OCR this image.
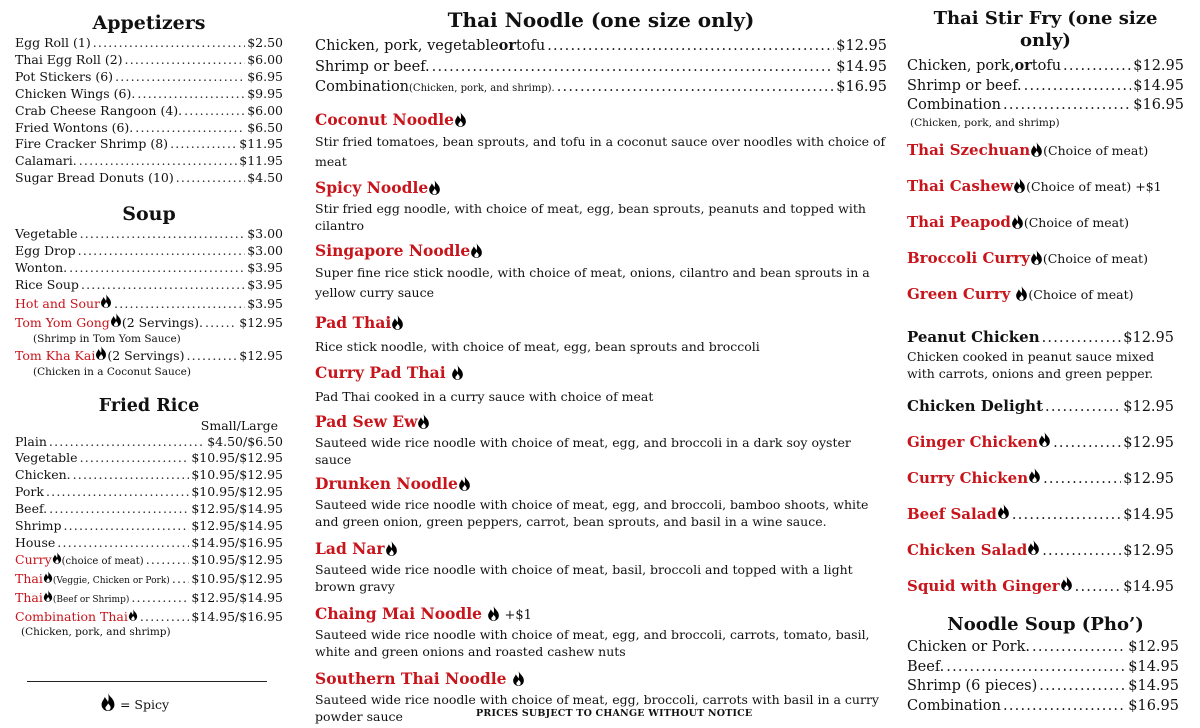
Appetizers
Egg Roll (1) .....	$2.50
Thai Egg Roll (2) .....	$6.00
Pot Stickers (6) .....	$6.95
Chicken Wings (6). .....	$9.95
Crab Cheese Rangoon (4). .....	$6.00
Fried Wontons (6). .....	$6.50
Fire Cracker Shrimp (8) .....	$11.95
Calamari. .....	$11.95
Sugar Bread Donuts (10) .....	$4.50
Soup
Vegetable .....	$3.00
Egg Drop .....	$3.00
Wonton. .....	$3.95
Rice Soup .....	$3.95
Hot and Sour .....	$3.95
Tom Yom Gong (2 Servings). .....	$12.95
(Shrimp in Tom Yom Sauce)
Tom Kha Kai (2 Servings) .....	$12.95
(Chicken in a Coconut Sauce)
Fried Rice
Small/Large
Plain .....	$4.50/$6.50
Vegetable .....	$10.95/$12.95
Chicken. .....	$10.95/$12.95
Pork .....	$10.95/$12.95
Beef. .....	$12.95/$14.95
Shrimp .....	$12.95/$14.95
House .....	$14.95/$16.95
Curry (choice of meat) .....	$10.95/$12.95
Thai (Veggie, Chicken or Pork) ..... $10.95/$12.95
Thai (Beef or Shrimp) .....	$12.95/$14.95
Combination Thai .....	$14.95/$16.95
(Chicken, pork, and shrimp)
= Spicy
Thai Noodle (one size only)
Chicken, pork, vegetable or tofu .....	$12.95
Shrimp or beef. .....	$14.95
Combination (Chicken, pork, and shrimp). .....	$16.95
Coconut Noodle
Stir fried tomatoes, bean sprouts, and tofu in a coconut sauce over noodles with choice of meat
Spicy Noodle
Stir fried egg noodle, with choice of meat, egg, bean sprouts, peanuts and topped with cilantro
Singapore Noodle
Super fine rice stick noodle, with choice of meat, onions, cilantro and bean sprouts in a yellow curry sauce
Pad Thai
Rice stick noodle, with choice of meat, egg, bean sprouts and broccoli
Curry Pad Thai
Pad Thai cooked in a curry sauce with choice of meat
Pad Sew Ew
Sauteed wide rice noodle with choice of meat, egg, and broccoli in a dark soy oyster sauce
Drunken Noodle
Sauteed wide rice noodle with choice of meat, egg, and broccoli, bamboo shoots, white and green onion, green peppers, carrot, bean sprouts, and basil in a wine sauce.
Lad Nar
Sauteed wide rice noodle with choice of meat, basil, broccoli and topped with a light brown gravy
Chaing Mai Noodle  +$1
Sauteed wide rice noodle with choice of meat, egg, and broccoli, carrots, tomato, basil, white and green onions and roasted cashew nuts
Southern Thai Noodle
Sauteed wide rice noodle with choice of meat, egg, broccoli, carrots with basil in a curry powder sauce	PRICES SUBJECT TO CHANGE WITHOUT NOTICE
Thai Stir Fry (one size only)
Chicken, pork, or tofu .....	$12.95
Shrimp or beef. .....	$14.95
Combination .....	$16.95
(Chicken, pork, and shrimp)
Thai Szechuan (Choice of meat)
Thai Cashew (Choice of meat) +$1
Thai Peapod (Choice of meat)
Broccoli Curry (Choice of meat)
Green Curry (Choice of meat)
Peanut Chicken .....	$12.95
Chicken cooked in peanut sauce mixed with carrots, onions and green pepper.
Chicken Delight .....	$12.95
Ginger Chicken .....	$12.95
Curry Chicken .....	$12.95
Beef Salad .....	$14.95
Chicken Salad .....	$12.95
Squid with Ginger .....	$14.95
Noodle Soup (Pho’)
Chicken or Pork. .....	$12.95
Beef. .....	$14.95
Shrimp (6 pieces) .....	$14.95
Combination .....	$16.95
